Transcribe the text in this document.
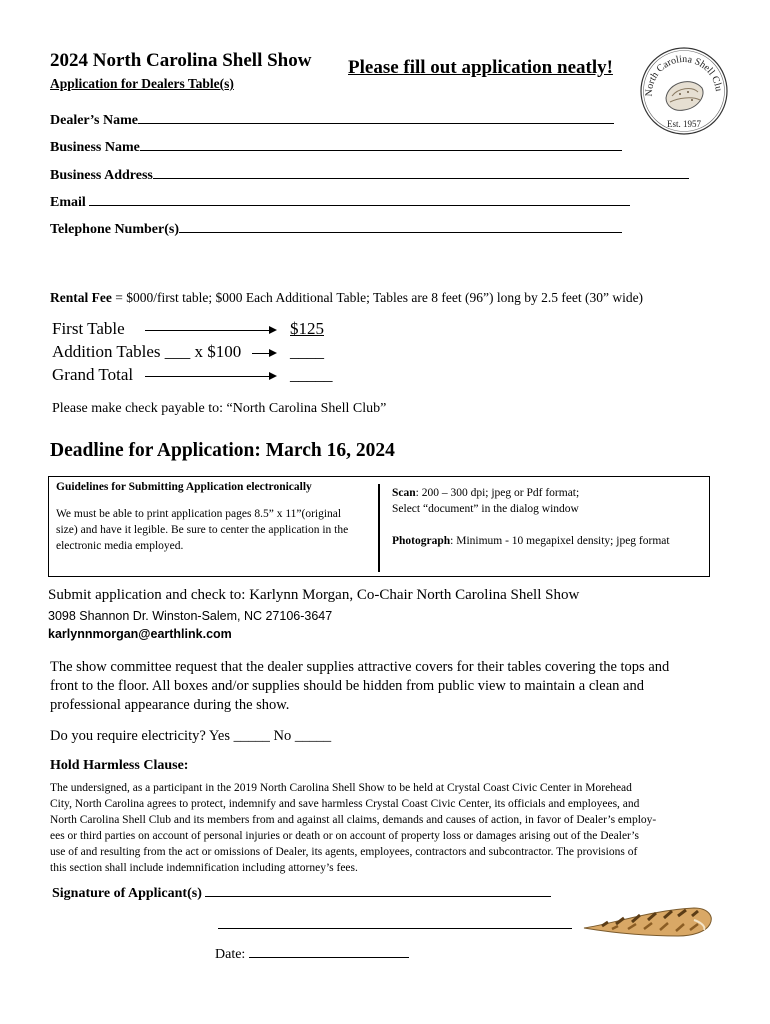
2024 North Carolina Shell Show
Application for Dealers Table(s)
Please fill out application neatly!
North Carolina Shell Clu
Est. 1957
Dealer’s Name
Business Name
Business Address
Email
Telephone Number(s)
Rental Fee = $000/first table; $000 Each Additional Table; Tables are 8 feet (96”) long by 2.5 feet (30” wide)
First Table	$125
Addition Tables ___ x $100	____
Grand Total	_____
Please make check payable to: “North Carolina Shell Club”
Deadline for Application: March 16, 2024
Guidelines for Submitting Application electronically
We must be able to print application pages 8.5” x 11”(original
size) and have it legible. Be sure to center the application in the
electronic media employed.
Scan: 200 – 300 dpi; jpeg or Pdf format;
Select “document” in the dialog window
Photograph: Minimum - 10 megapixel density; jpeg format
Submit application and check to: Karlynn Morgan, Co-Chair North Carolina Shell Show
3098 Shannon Dr. Winston-Salem, NC 27106-3647
karlynnmorgan@earthlink.com
The show committee request that the dealer supplies attractive covers for their tables covering the tops and
front to the floor. All boxes and/or supplies should be hidden from public view to maintain a clean and
professional appearance during the show.
Do you require electricity? Yes _____ No _____
Hold Harmless Clause:
The undersigned, as a participant in the 2019 North Carolina Shell Show to be held at Crystal Coast Civic Center in Morehead
City, North Carolina agrees to protect, indemnify and save harmless Crystal Coast Civic Center, its officials and employees, and
North Carolina Shell Club and its members from and against all claims, demands and causes of action, in favor of Dealer’s employ-
ees or third parties on account of personal injuries or death or on account of property loss or damages arising out of the Dealer’s
use of and resulting from the act or omissions of Dealer, its agents, employees, contractors and subcontractor. The provisions of
this section shall include indemnification including attorney’s fees.
Signature of Applicant(s)
Date:
